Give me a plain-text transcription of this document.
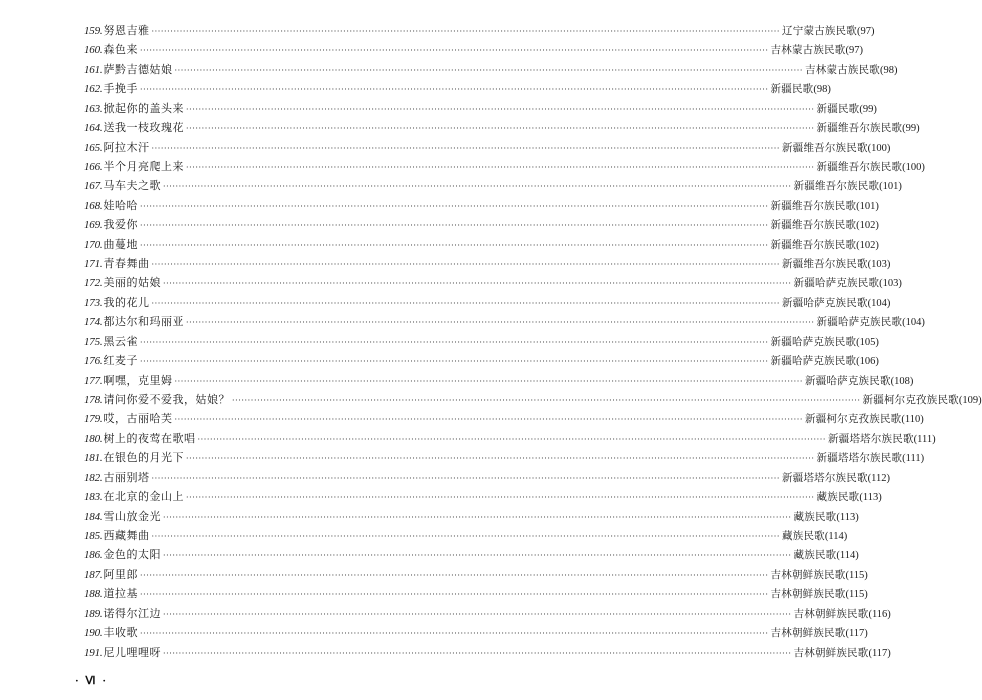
159. 努恩吉雅 ········································································································································································································ 辽宁蒙古族民歌 (97)
160. 森色来 ········································································································································································································ 吉林蒙古族民歌 (97)
161. 萨黔吉德姑娘 ········································································································································································································ 吉林蒙古族民歌 (98)
162. 手挽手 ········································································································································································································ 新疆民歌 (98)
163. 掀起你的盖头来 ········································································································································································································ 新疆民歌 (99)
164. 送我一枝玫瑰花 ········································································································································································································ 新疆维吾尔族民歌 (99)
165. 阿拉木汗 ········································································································································································································ 新疆维吾尔族民歌 (100)
166. 半个月亮爬上来 ········································································································································································································ 新疆维吾尔族民歌 (100)
167. 马车夫之歌 ········································································································································································································ 新疆维吾尔族民歌 (101)
168. 娃哈哈 ········································································································································································································ 新疆维吾尔族民歌 (101)
169. 我爱你 ········································································································································································································ 新疆维吾尔族民歌 (102)
170. 曲蔓地 ········································································································································································································ 新疆维吾尔族民歌 (102)
171. 青春舞曲 ········································································································································································································ 新疆维吾尔族民歌 (103)
172. 美丽的姑娘 ········································································································································································································ 新疆哈萨克族民歌 (103)
173. 我的花儿 ········································································································································································································ 新疆哈萨克族民歌 (104)
174. 都达尔和玛丽亚 ········································································································································································································ 新疆哈萨克族民歌 (104)
175. 黑云雀 ········································································································································································································ 新疆哈萨克族民歌 (105)
176. 红麦子 ········································································································································································································ 新疆哈萨克族民歌 (106)
177. 啊嘿，克里姆 ········································································································································································································ 新疆哈萨克族民歌 (108)
178. 请问你爱不爱我，姑娘？ ········································································································································································································ 新疆柯尔克孜族民歌 (109)
179. 哎，古丽哈芙 ········································································································································································································ 新疆柯尔克孜族民歌 (110)
180. 树上的夜莺在歌唱 ········································································································································································································ 新疆塔塔尔族民歌 (111)
181. 在银色的月光下 ········································································································································································································ 新疆塔塔尔族民歌 (111)
182. 古丽别塔 ········································································································································································································ 新疆塔塔尔族民歌 (112)
183. 在北京的金山上 ········································································································································································································ 藏族民歌 (113)
184. 雪山放金光 ········································································································································································································ 藏族民歌 (113)
185. 西藏舞曲 ········································································································································································································ 藏族民歌 (114)
186. 金色的太阳 ········································································································································································································ 藏族民歌 (114)
187. 阿里郎 ········································································································································································································ 吉林朝鲜族民歌 (115)
188. 道拉基 ········································································································································································································ 吉林朝鲜族民歌 (115)
189. 诺得尔江边 ········································································································································································································ 吉林朝鲜族民歌 (116)
190. 丰收歌 ········································································································································································································ 吉林朝鲜族民歌 (117)
191. 尼儿哩哩呀 ········································································································································································································ 吉林朝鲜族民歌 (117)
· Ⅵ ·
